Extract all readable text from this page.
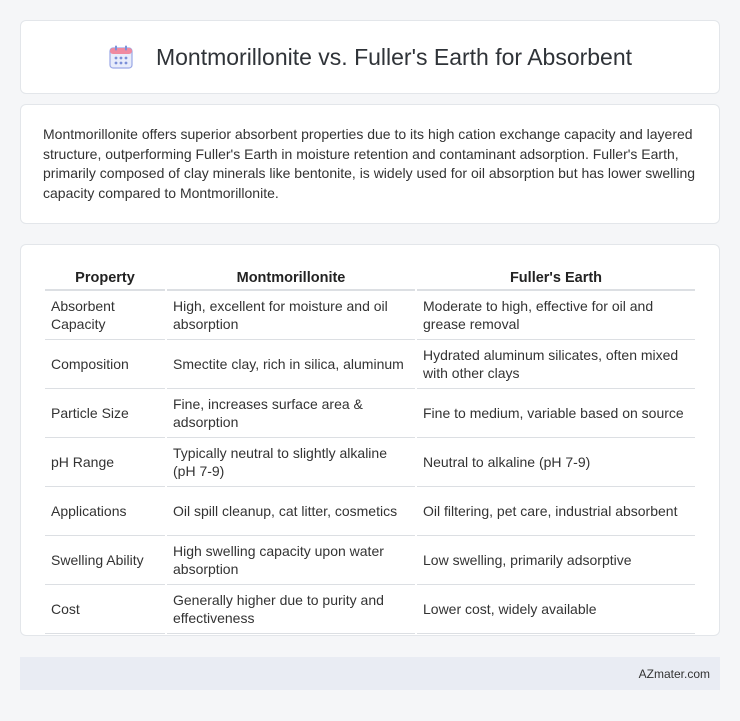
Montmorillonite vs. Fuller's Earth for Absorbent

Montmorillonite offers superior absorbent properties due to its high cation exchange capacity and layered structure, outperforming Fuller's Earth in moisture retention and contaminant adsorption. Fuller's Earth, primarily composed of clay minerals like bentonite, is widely used for oil absorption but has lower swelling capacity compared to Montmorillonite.

Property	Montmorillonite	Fuller's Earth
Absorbent Capacity	High, excellent for moisture and oil absorption	Moderate to high, effective for oil and grease removal
Composition	Smectite clay, rich in silica, aluminum	Hydrated aluminum silicates, often mixed with other clays
Particle Size	Fine, increases surface area & adsorption	Fine to medium, variable based on source
pH Range	Typically neutral to slightly alkaline (pH 7-9)	Neutral to alkaline (pH 7-9)
Applications	Oil spill cleanup, cat litter, cosmetics	Oil filtering, pet care, industrial absorbent
Swelling Ability	High swelling capacity upon water absorption	Low swelling, primarily adsorptive
Cost	Generally higher due to purity and effectiveness	Lower cost, widely available
AZmater.com
